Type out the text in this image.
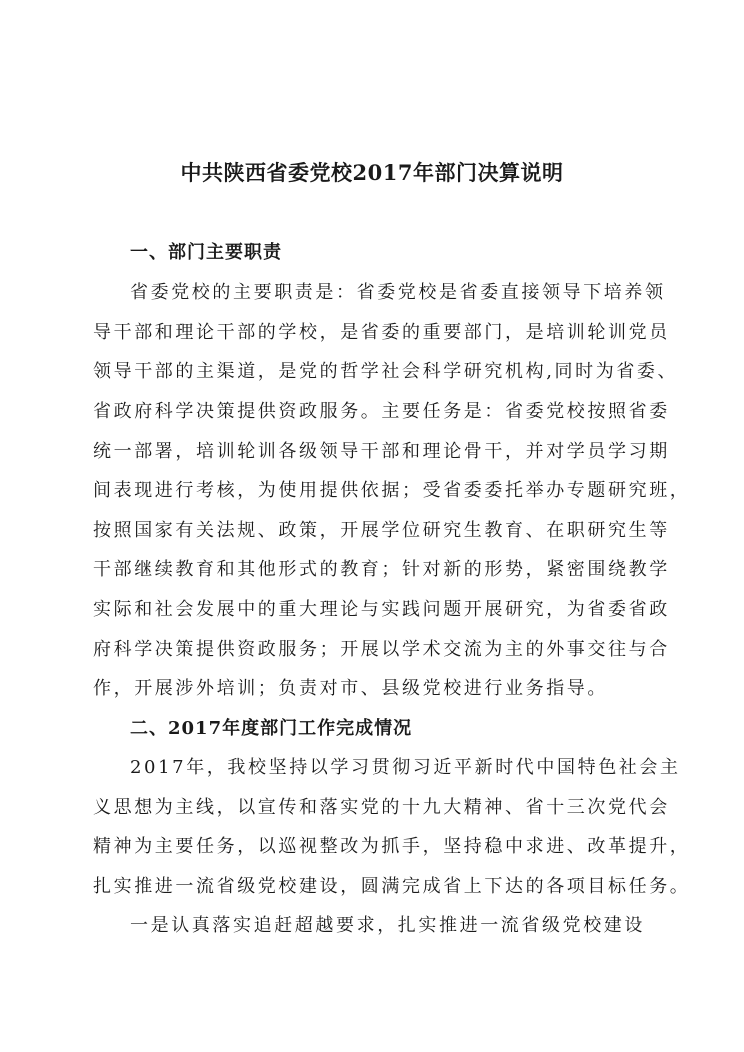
中共陕西省委党校2017年部门决算说明
一、部门主要职责
省委党校的主要职责是：省委党校是省委直接领导下培养领
导干部和理论干部的学校，是省委的重要部门，是培训轮训党员
领导干部的主渠道，是党的哲学社会科学研究机构,同时为省委、
省政府科学决策提供资政服务。主要任务是：省委党校按照省委
统一部署，培训轮训各级领导干部和理论骨干，并对学员学习期
间表现进行考核，为使用提供依据；受省委委托举办专题研究班，
按照国家有关法规、政策，开展学位研究生教育、在职研究生等
干部继续教育和其他形式的教育；针对新的形势，紧密围绕教学
实际和社会发展中的重大理论与实践问题开展研究，为省委省政
府科学决策提供资政服务；开展以学术交流为主的外事交往与合
作，开展涉外培训；负责对市、县级党校进行业务指导。
二、2017年度部门工作完成情况
2017年，我校坚持以学习贯彻习近平新时代中国特色社会主
义思想为主线，以宣传和落实党的十九大精神、省十三次党代会
精神为主要任务，以巡视整改为抓手，坚持稳中求进、改革提升，
扎实推进一流省级党校建设，圆满完成省上下达的各项目标任务。
一是认真落实追赶超越要求，扎实推进一流省级党校建设
